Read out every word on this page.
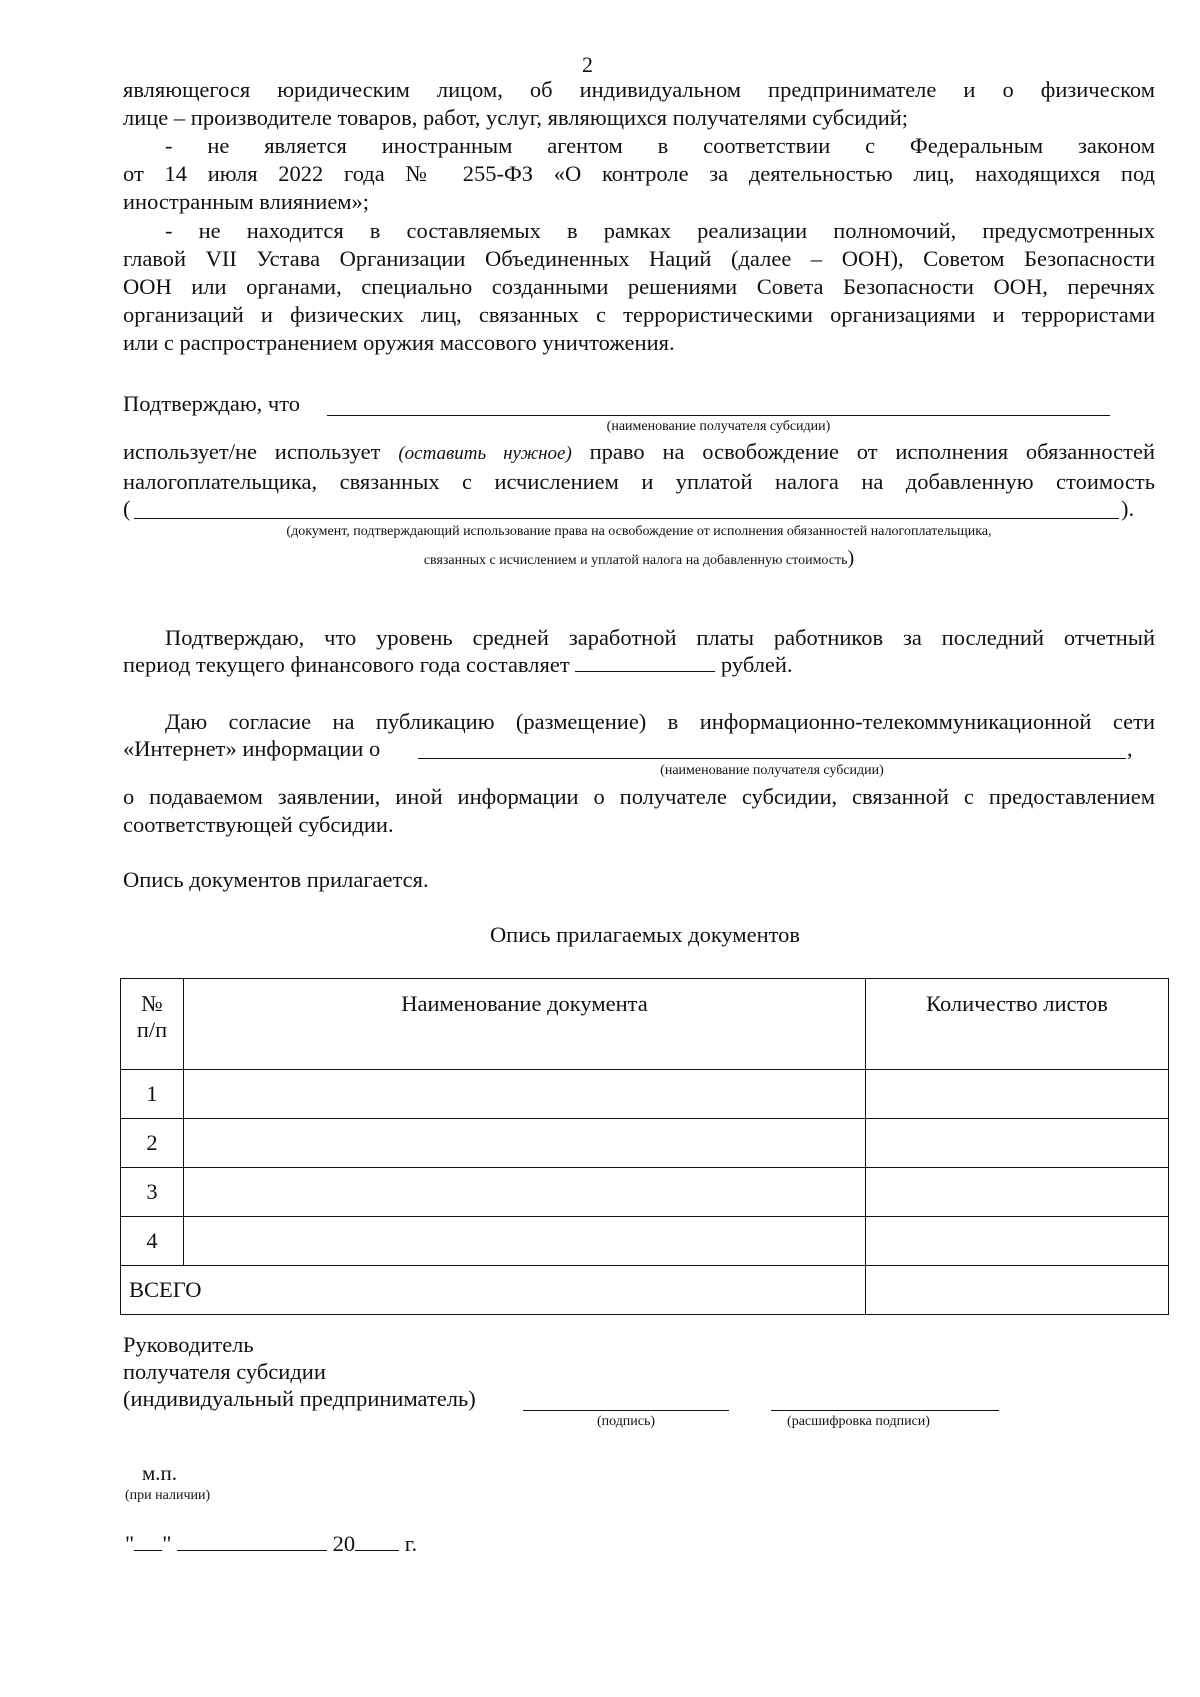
2
являющегося юридическим лицом, об индивидуальном предпринимателе и о физическом
лице – производителе товаров, работ, услуг, являющихся получателями субсидий;
- не является иностранным агентом в соответствии с Федеральным законом
от 14 июля 2022 года № 255-ФЗ «О контроле за деятельностью лиц, находящихся под
иностранным влиянием»;
- не находится в составляемых в рамках реализации полномочий, предусмотренных
главой VII Устава Организации Объединенных Наций (далее – ООН), Советом Безопасности
ООН или органами, специально созданными решениями Совета Безопасности ООН, перечнях
организаций и физических лиц, связанных с террористическими организациями и террористами
или с распространением оружия массового уничтожения.
Подтверждаю, что
(наименование получателя субсидии)
использует/не использует (оставить нужное) право на освобождение от исполнения обязанностей
налогоплательщика, связанных с исчислением и уплатой налога на добавленную стоимость
(	).
(документ, подтверждающий использование права на освобождение от исполнения обязанностей налогоплательщика,
связанных с исчислением и уплатой налога на добавленную стоимость)
Подтверждаю, что уровень средней заработной платы работников за последний отчетный
период текущего финансового года составляет	рублей.
Даю согласие на публикацию (размещение) в информационно-телекоммуникационной сети
«Интернет» информации о	,
(наименование получателя субсидии)
о подаваемом заявлении, иной информации о получателе субсидии, связанной с предоставлением
соответствующей субсидии.
Опись документов прилагается.
Опись прилагаемых документов
№
п/п	Наименование документа	Количество листов
1		
2		
3		
4		
ВСЕГО		
Руководитель
получателя субсидии
(индивидуальный предприниматель)
(подпись)	(расшифровка подписи)
м.п.
(при наличии)
" "	20 г.
